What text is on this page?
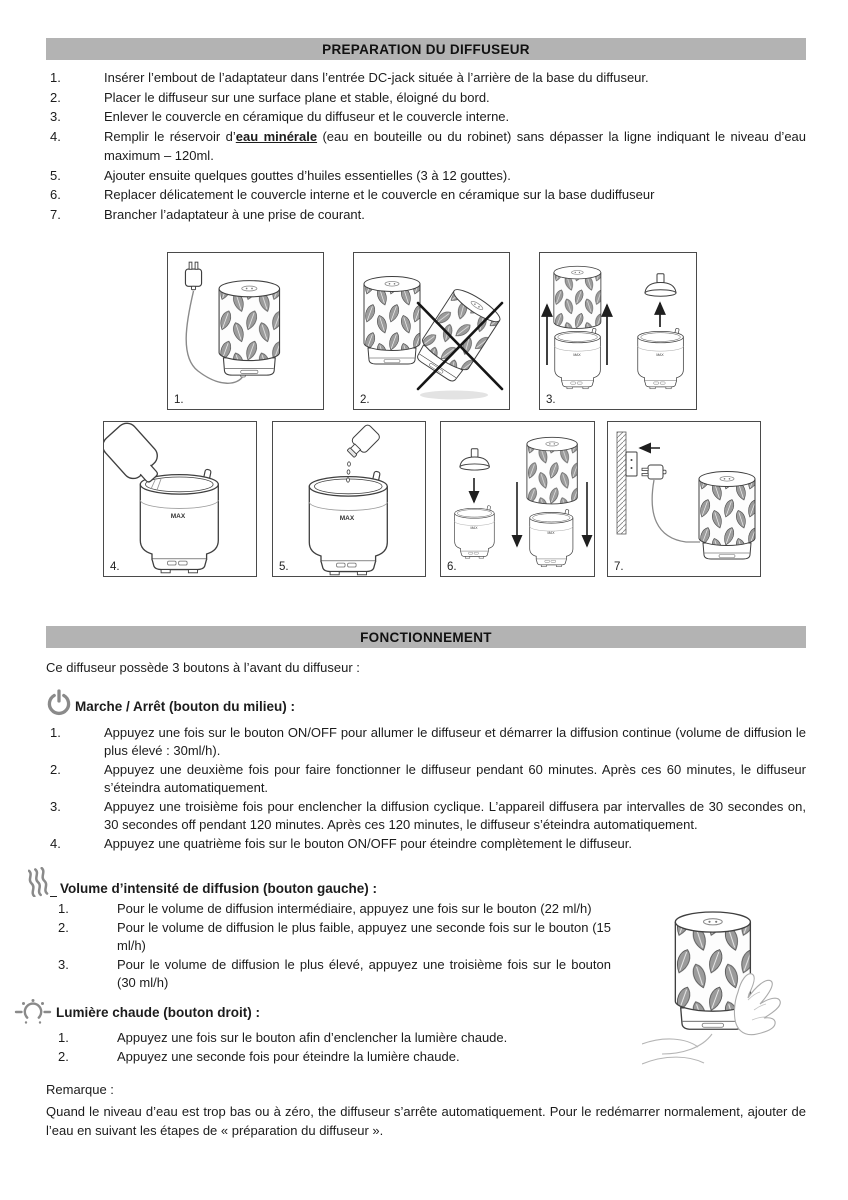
PREPARATION DU DIFFUSEUR
1.	Insérer l’embout de l’adaptateur dans l’entrée DC-jack située à l’arrière de la base du diffuseur.
2.	Placer le diffuseur sur une surface plane et stable, éloigné du bord.
3.	Enlever le couvercle en céramique du diffuseur et le couvercle interne.
4.	Remplir le réservoir d’eau minérale (eau en bouteille ou du robinet) sans dépasser la ligne indiquant le niveau d’eau maximum – 120ml.
5.	Ajouter ensuite quelques gouttes d’huiles essentielles (3 à 12 gouttes).
6.	Replacer délicatement le couvercle interne et le couvercle en céramique sur la base dudiffuseur
7.	Brancher l’adaptateur à une prise de courant.
1.	2.
MAX	MAX
3.
MAX
4.
MAX
5.
MAX
MAX
6.	7.
FONCTIONNEMENT
Ce diffuseur possède 3 boutons à l’avant du diffuseur :
Marche / Arrêt (bouton du milieu) :
1.	Appuyez une fois sur le bouton ON/OFF pour allumer le diffuseur et démarrer la diffusion continue (volume de diffusion le plus élevé : 30ml/h).
2.	Appuyez une deuxième fois pour faire fonctionner le diffuseur pendant 60 minutes. Après ces 60 minutes, le diffuseur s’éteindra automatiquement.
3.	Appuyez une troisième fois pour enclencher la diffusion cyclique. L’appareil diffusera par intervalles de 30 secondes on, 30 secondes off pendant 120 minutes. Après ces 120 minutes, le diffuseur s’éteindra automatiquement.
4.	Appuyez une quatrième fois sur le bouton ON/OFF pour éteindre complètement le diffuseur.
Volume d’intensité de diffusion (bouton gauche) :
1.	Pour le volume de diffusion intermédiaire, appuyez une fois sur le bouton (22 ml/h)
2.	Pour le volume de diffusion le plus faible, appuyez une seconde fois sur le bouton (15 ml/h)
3.	Pour le volume de diffusion le plus élevé, appuyez une troisième fois sur le bouton (30 ml/h)
Lumière chaude (bouton droit) :
1.	Appuyez une fois sur le bouton afin d’enclencher la lumière chaude.
2.	Appuyez une seconde fois pour éteindre la lumière chaude.
Remarque :
Quand le niveau d’eau est trop bas ou à zéro, the diffuseur s’arrête automatiquement. Pour le redémarrer normalement, ajouter de l’eau en suivant les étapes de « préparation du diffuseur ».
